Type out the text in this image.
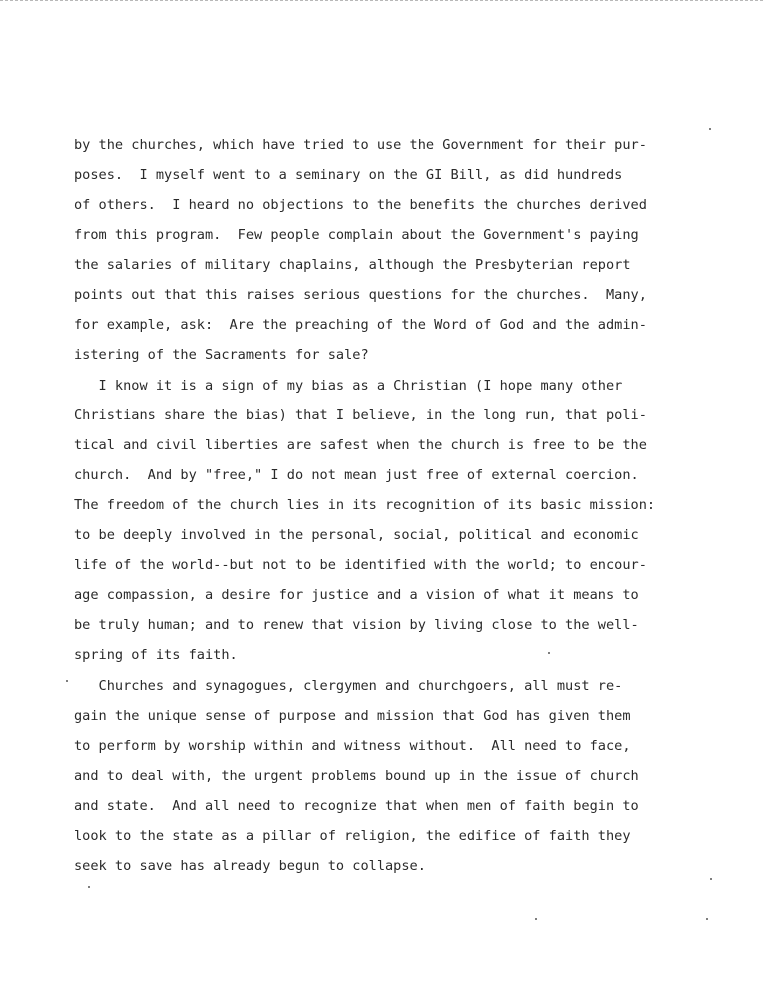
by the churches, which have tried to use the Government for their pur-
poses.  I myself went to a seminary on the GI Bill, as did hundreds
of others.  I heard no objections to the benefits the churches derived
from this program.  Few people complain about the Government's paying
the salaries of military chaplains, although the Presbyterian report
points out that this raises serious questions for the churches.  Many,
for example, ask:  Are the preaching of the Word of God and the admin-
istering of the Sacraments for sale?
I know it is a sign of my bias as a Christian (I hope many other
Christians share the bias) that I believe, in the long run, that poli-
tical and civil liberties are safest when the church is free to be the
church.  And by "free," I do not mean just free of external coercion.
The freedom of the church lies in its recognition of its basic mission:
to be deeply involved in the personal, social, political and economic
life of the world--but not to be identified with the world; to encour-
age compassion, a desire for justice and a vision of what it means to
be truly human; and to renew that vision by living close to the well-
spring of its faith.
Churches and synagogues, clergymen and churchgoers, all must re-
gain the unique sense of purpose and mission that God has given them
to perform by worship within and witness without.  All need to face,
and to deal with, the urgent problems bound up in the issue of church
and state.  And all need to recognize that when men of faith begin to
look to the state as a pillar of religion, the edifice of faith they
seek to save has already begun to collapse.
